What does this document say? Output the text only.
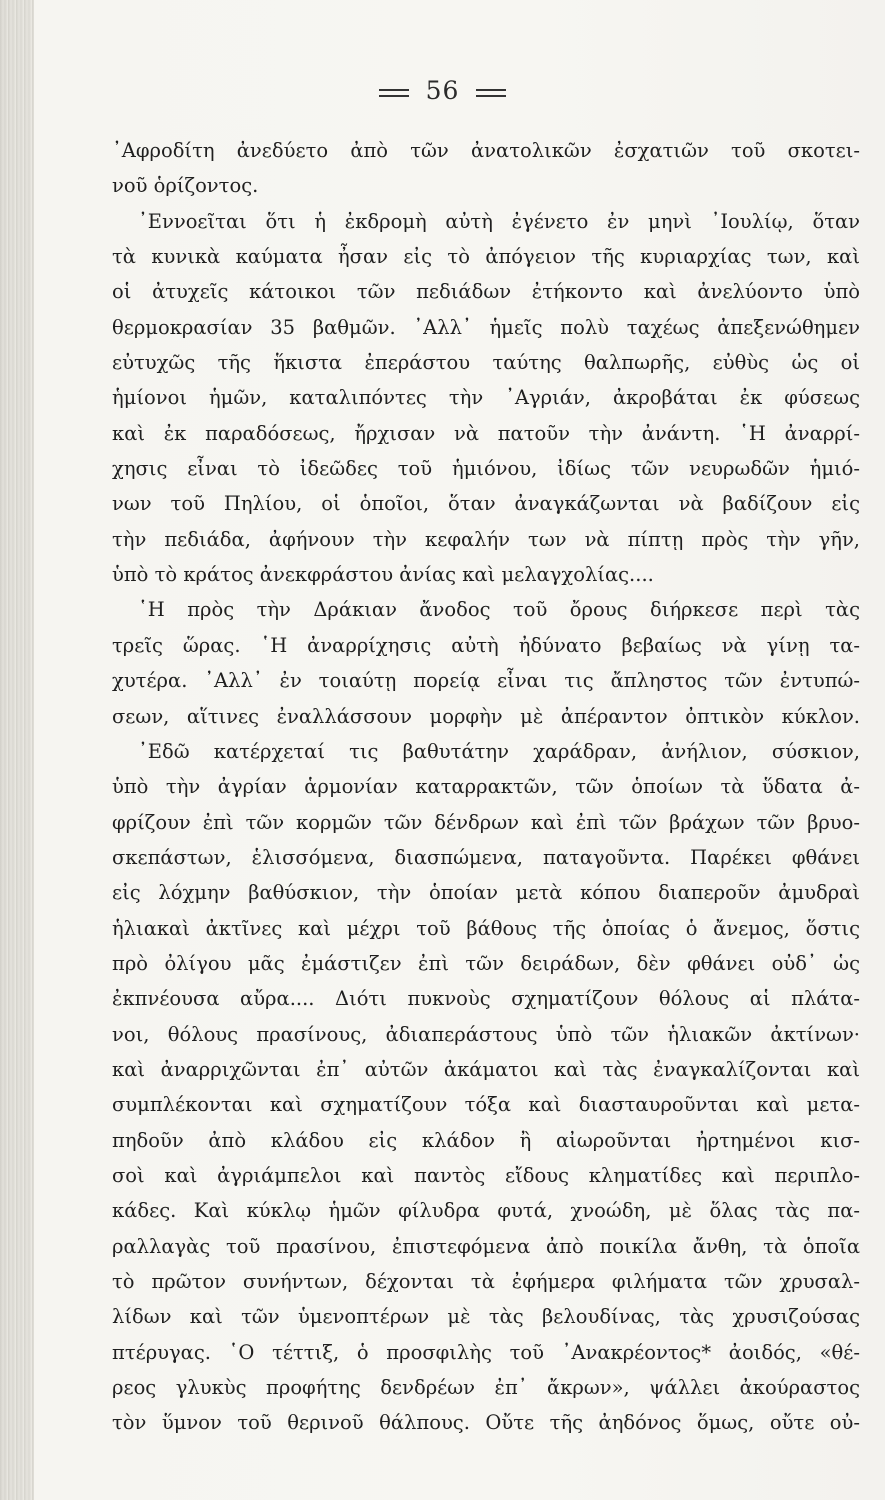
56
᾿Αφροδίτη ἀνεδύετο ἀπὸ τῶν ἀνατολικῶν ἐσχατιῶν τοῦ σκοτει-
νοῦ ὁρίζοντος.
᾿Εννοεῖται ὅτι ἡ ἐκδρομὴ αὐτὴ ἐγένετο ἐν μηνὶ ᾿Ιουλίῳ, ὅταν
τὰ κυνικὰ καύματα ἦσαν εἰς τὸ ἀπόγειον τῆς κυριαρχίας των, καὶ
οἱ ἀτυχεῖς κάτοικοι τῶν πεδιάδων ἐτήκοντο καὶ ἀνελύοντο ὑπὸ
θερμοκρασίαν 35 βαθμῶν. ᾿Αλλ᾿ ἡμεῖς πολὺ ταχέως ἀπεξενώθημεν
εὐτυχῶς τῆς ἥκιστα ἐπεράστου ταύτης θαλπωρῆς, εὐθὺς ὡς οἱ
ἡμίονοι ἡμῶν, καταλιπόντες τὴν ᾿Αγριάν, ἀκροβάται ἐκ φύσεως
καὶ ἐκ παραδόσεως, ἤρχισαν νὰ πατοῦν τὴν ἀνάντη. ῾Η ἀναρρί-
χησις εἶναι τὸ ἰδεῶδες τοῦ ἡμιόνου, ἰδίως τῶν νευρωδῶν ἡμιό-
νων τοῦ Πηλίου, οἱ ὁποῖοι, ὅταν ἀναγκάζωνται νὰ βαδίζουν εἰς
τὴν πεδιάδα, ἀφήνουν τὴν κεφαλήν των νὰ πίπτῃ πρὸς τὴν γῆν,
ὑπὸ τὸ κράτος ἀνεκφράστου ἀνίας καὶ μελαγχολίας....
῾Η πρὸς τὴν Δράκιαν ἄνοδος τοῦ ὄρους διήρκεσε περὶ τὰς
τρεῖς ὥρας. ῾Η ἀναρρίχησις αὐτὴ ἠδύνατο βεβαίως νὰ γίνῃ τα-
χυτέρα. ᾿Αλλ᾿ ἐν τοιαύτῃ πορείᾳ εἶναι τις ἄπληστος τῶν ἐντυπώ-
σεων, αἵτινες ἐναλλάσσουν μορφὴν μὲ ἀπέραντον ὀπτικὸν κύκλον.
᾿Εδῶ κατέρχεταί τις βαθυτάτην χαράδραν, ἀνήλιον, σύσκιον,
ὑπὸ τὴν ἀγρίαν ἁρμονίαν καταρρακτῶν, τῶν ὁποίων τὰ ὕδατα ἀ-
φρίζουν ἐπὶ τῶν κορμῶν τῶν δένδρων καὶ ἐπὶ τῶν βράχων τῶν βρυο-
σκεπάστων, ἑλισσόμενα, διασπώμενα, παταγοῦντα. Παρέκει φθάνει
εἰς λόχμην βαθύσκιον, τὴν ὁποίαν μετὰ κόπου διαπεροῦν ἀμυδραὶ
ἡλιακαὶ ἀκτῖνες καὶ μέχρι τοῦ βάθους τῆς ὁποίας ὁ ἄνεμος, ὅστις
πρὸ ὀλίγου μᾶς ἐμάστιζεν ἐπὶ τῶν δειράδων, δὲν φθάνει οὐδ᾿ ὡς
ἐκπνέουσα αὔρα.... Διότι πυκνοὺς σχηματίζουν θόλους αἱ πλάτα-
νοι, θόλους πρασίνους, ἀδιαπεράστους ὑπὸ τῶν ἡλιακῶν ἀκτίνων·
καὶ ἀναρριχῶνται ἐπ᾿ αὐτῶν ἀκάματοι καὶ τὰς ἐναγκαλίζονται καὶ
συμπλέκονται καὶ σχηματίζουν τόξα καὶ διασταυροῦνται καὶ μετα-
πηδοῦν ἀπὸ κλάδου εἰς κλάδον ἢ αἰωροῦνται ἠρτημένοι κισ-
σοὶ καὶ ἀγριάμπελοι καὶ παντὸς εἴδους κληματίδες καὶ περιπλο-
κάδες. Καὶ κύκλῳ ἡμῶν φίλυδρα φυτά, χνοώδη, μὲ ὅλας τὰς πα-
ραλλαγὰς τοῦ πρασίνου, ἐπιστεφόμενα ἀπὸ ποικίλα ἄνθη, τὰ ὁποῖα
τὸ πρῶτον συνήντων, δέχονται τὰ ἐφήμερα φιλήματα τῶν χρυσαλ-
λίδων καὶ τῶν ὑμενοπτέρων μὲ τὰς βελουδίνας, τὰς χρυσιζούσας
πτέρυγας. ῾Ο τέττιξ, ὁ προσφιλὴς τοῦ ᾿Ανακρέοντος* ἀοιδός, «θέ-
ρεος γλυκὺς προφήτης δενδρέων ἐπ᾿ ἄκρων», ψάλλει ἀκούραστος
τὸν ὕμνον τοῦ θερινοῦ θάλπους. Οὔτε τῆς ἀηδόνος ὅμως, οὔτε οὐ-
